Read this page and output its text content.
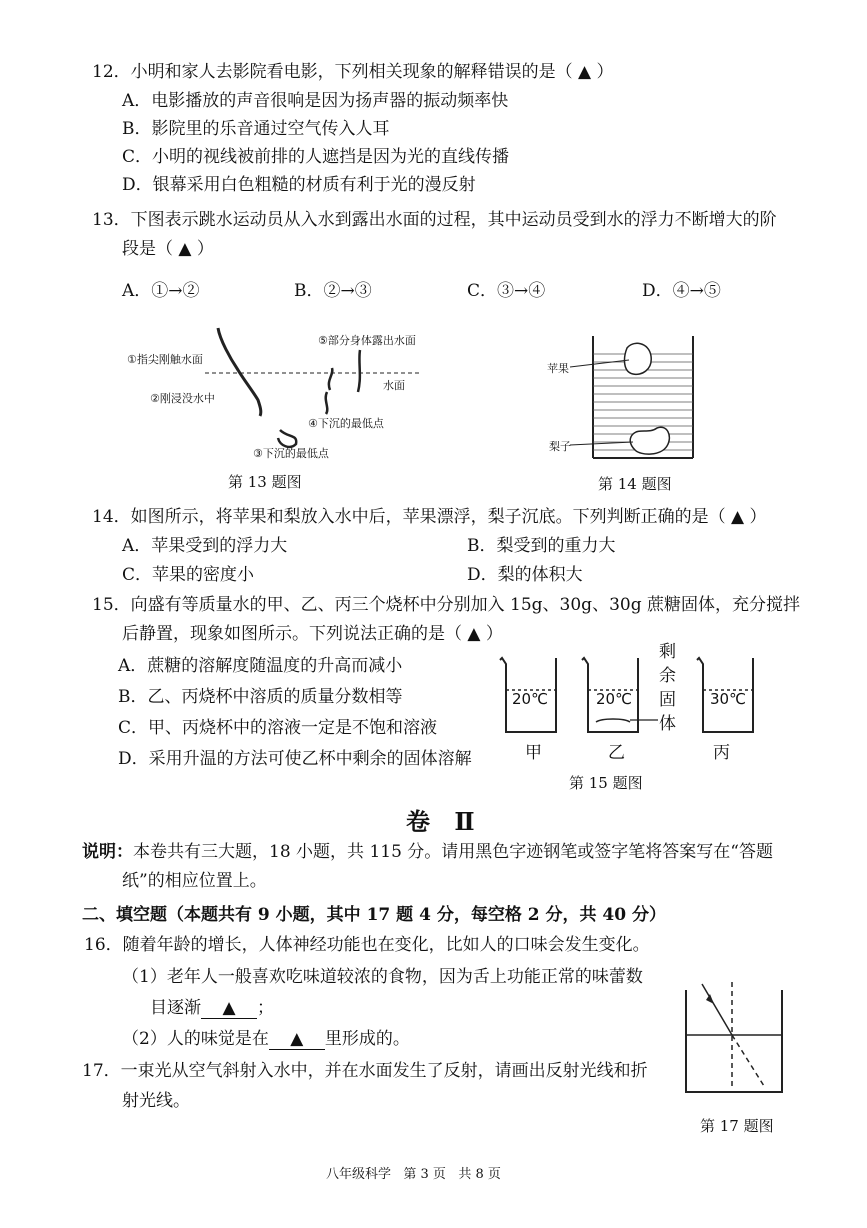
12．小明和家人去影院看电影，下列相关现象的解释错误的是（ ▲ ）
A．电影播放的声音很响是因为扬声器的振动频率快
B．影院里的乐音通过空气传入人耳
C．小明的视线被前排的人遮挡是因为光的直线传播
D．银幕采用白色粗糙的材质有利于光的漫反射
13．下图表示跳水运动员从入水到露出水面的过程，其中运动员受到水的浮力不断增大的阶
段是（ ▲ ）
A．①→②	B．②→③	C．③→④	D．④→⑤
①指尖刚触水面
②刚浸没水中
③下沉的最低点
④下沉的最低点
⑤部分身体露出水面
水面
第 13 题图
苹果
梨子
第 14 题图
14．如图所示，将苹果和梨放入水中后，苹果漂浮，梨子沉底。下列判断正确的是（ ▲ ）
A．苹果受到的浮力大	B．梨受到的重力大
C．苹果的密度小	D．梨的体积大
15．向盛有等质量水的甲、乙、丙三个烧杯中分别加入 15g、30g、30g 蔗糖固体，充分搅拌
后静置，现象如图所示。下列说法正确的是（ ▲ ）
A．蔗糖的溶解度随温度的升高而减小
B．乙、丙烧杯中溶质的质量分数相等
C．甲、丙烧杯中的溶液一定是不饱和溶液
D．采用升温的方法可使乙杯中剩余的固体溶解
20℃	20℃	30℃
甲	乙	丙
剩
余
固
体
第 15 题图
卷 Ⅱ
说明：本卷共有三大题，18 小题，共 115 分。请用黑色字迹钢笔或签字笔将答案写在“答题
纸”的相应位置上。
二、填空题（本题共有 9 小题，其中 17 题 4 分，每空格 2 分，共 40 分）
16．随着年龄的增长，人体神经功能也在变化，比如人的口味会发生变化。
（1）老年人一般喜欢吃味道较浓的食物，因为舌上功能正常的味蕾数
目逐渐 ▲ ；
（2）人的味觉是在 ▲ 里形成的。
17．一束光从空气斜射入水中，并在水面发生了反射，请画出反射光线和折
射光线。
第 17 题图
八年级科学   第 3 页   共 8 页
